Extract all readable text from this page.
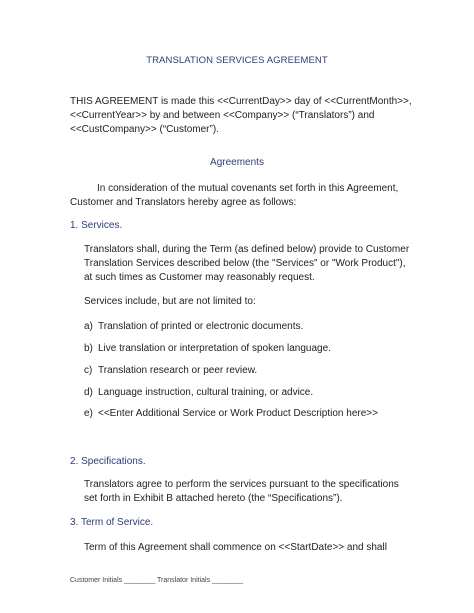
TRANSLATION SERVICES AGREEMENT

THIS AGREEMENT is made this <<CurrentDay>> day of <<CurrentMonth>>,

<<CurrentYear>> by and between <<Company>> (“Translators”) and

<<CustCompany>> (“Customer”).

Agreements

In consideration of the mutual covenants set forth in this Agreement,

Customer and Translators hereby agree as follows:

1. Services.

Translators shall, during the Term (as defined below) provide to Customer

Translation Services described below (the "Services" or "Work Product"),

at such times as Customer may reasonably request.

Services include, but are not limited to:

a) Translation of printed or electronic documents.
b) Live translation or interpretation of spoken language.
c) Translation research or peer review.
d) Language instruction, cultural training, or advice.
e) <<Enter Additional Service or Work Product Description here>>

2. Specifications.

Translators agree to perform the services pursuant to the specifications

set forth in Exhibit B attached hereto (the “Specifications”).

3. Term of Service.

Term of this Agreement shall commence on <<StartDate>> and shall

Customer Initials ________ Translator Initials ________
